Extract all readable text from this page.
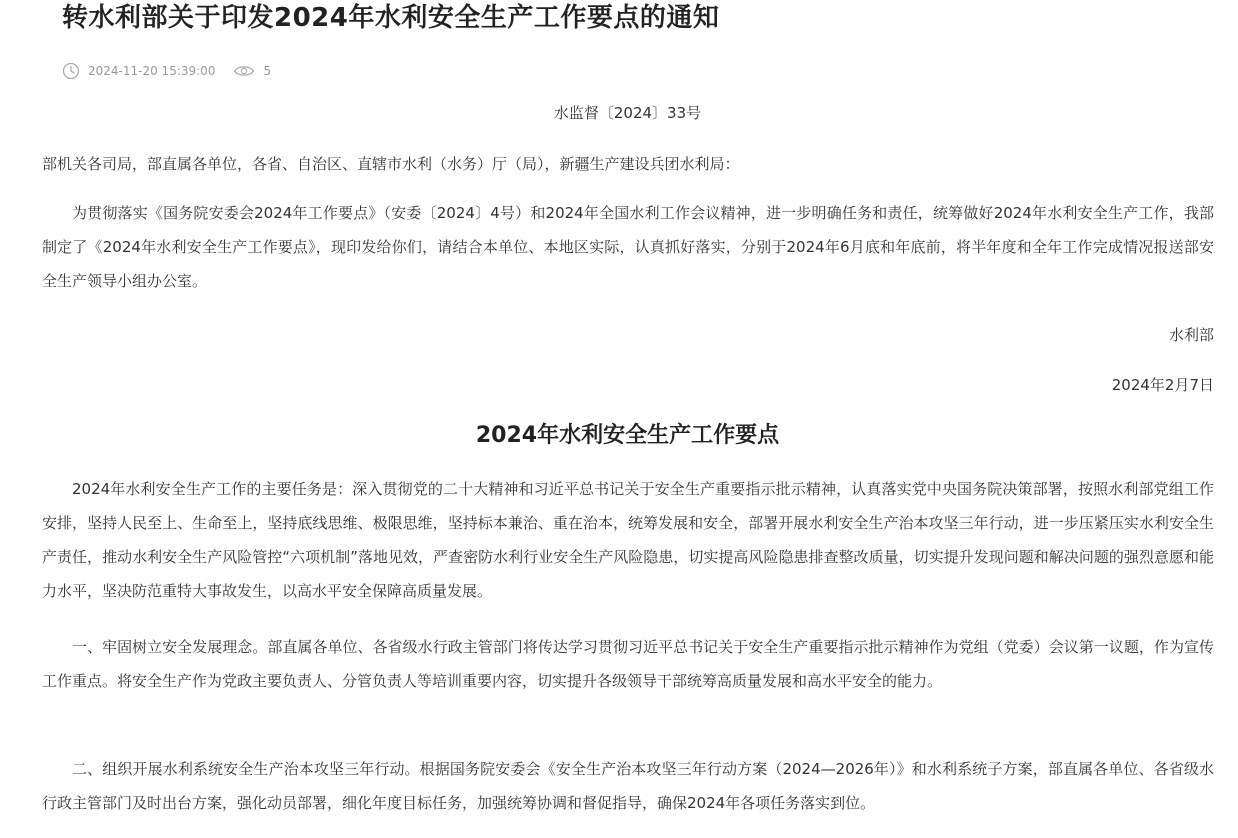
转水利部关于印发2024年水利安全生产工作要点的通知
2024-11-20 15:39:00	5
水监督〔2024〕33号
部机关各司局，部直属各单位，各省、自治区、直辖市水利（水务）厅（局），新疆生产建设兵团水利局：

为贯彻落实《国务院安委会2024年工作要点》（安委〔2024〕4号）和2024年全国水利工作会议精神，进一步明确任务和责任，统筹做好2024年水利安全生产工作，我部制定了《2024年水利安全生产工作要点》，现印发给你们，请结合本单位、本地区实际，认真抓好落实，分别于2024年6月底和年底前，将半年度和全年工作完成情况报送部安全生产领导小组办公室。

水利部
2024年2月7日
2024年水利安全生产工作要点

2024年水利安全生产工作的主要任务是：深入贯彻党的二十大精神和习近平总书记关于安全生产重要指示批示精神，认真落实党中央国务院决策部署，按照水利部党组工作安排，坚持人民至上、生命至上，坚持底线思维、极限思维，坚持标本兼治、重在治本，统筹发展和安全，部署开展水利安全生产治本攻坚三年行动，进一步压紧压实水利安全生产责任，推动水利安全生产风险管控“六项机制”落地见效，严查密防水利行业安全生产风险隐患，切实提高风险隐患排查整改质量，切实提升发现问题和解决问题的强烈意愿和能力水平，坚决防范重特大事故发生，以高水平安全保障高质量发展。

一、牢固树立安全发展理念。部直属各单位、各省级水行政主管部门将传达学习贯彻习近平总书记关于安全生产重要指示批示精神作为党组（党委）会议第一议题，作为宣传工作重点。将安全生产作为党政主要负责人、分管负责人等培训重要内容，切实提升各级领导干部统筹高质量发展和高水平安全的能力。

二、组织开展水利系统安全生产治本攻坚三年行动。根据国务院安委会《安全生产治本攻坚三年行动方案（2024—2026年）》和水利系统子方案，部直属各单位、各省级水行政主管部门及时出台方案，强化动员部署，细化年度目标任务，加强统筹协调和督促指导，确保2024年各项任务落实到位。
